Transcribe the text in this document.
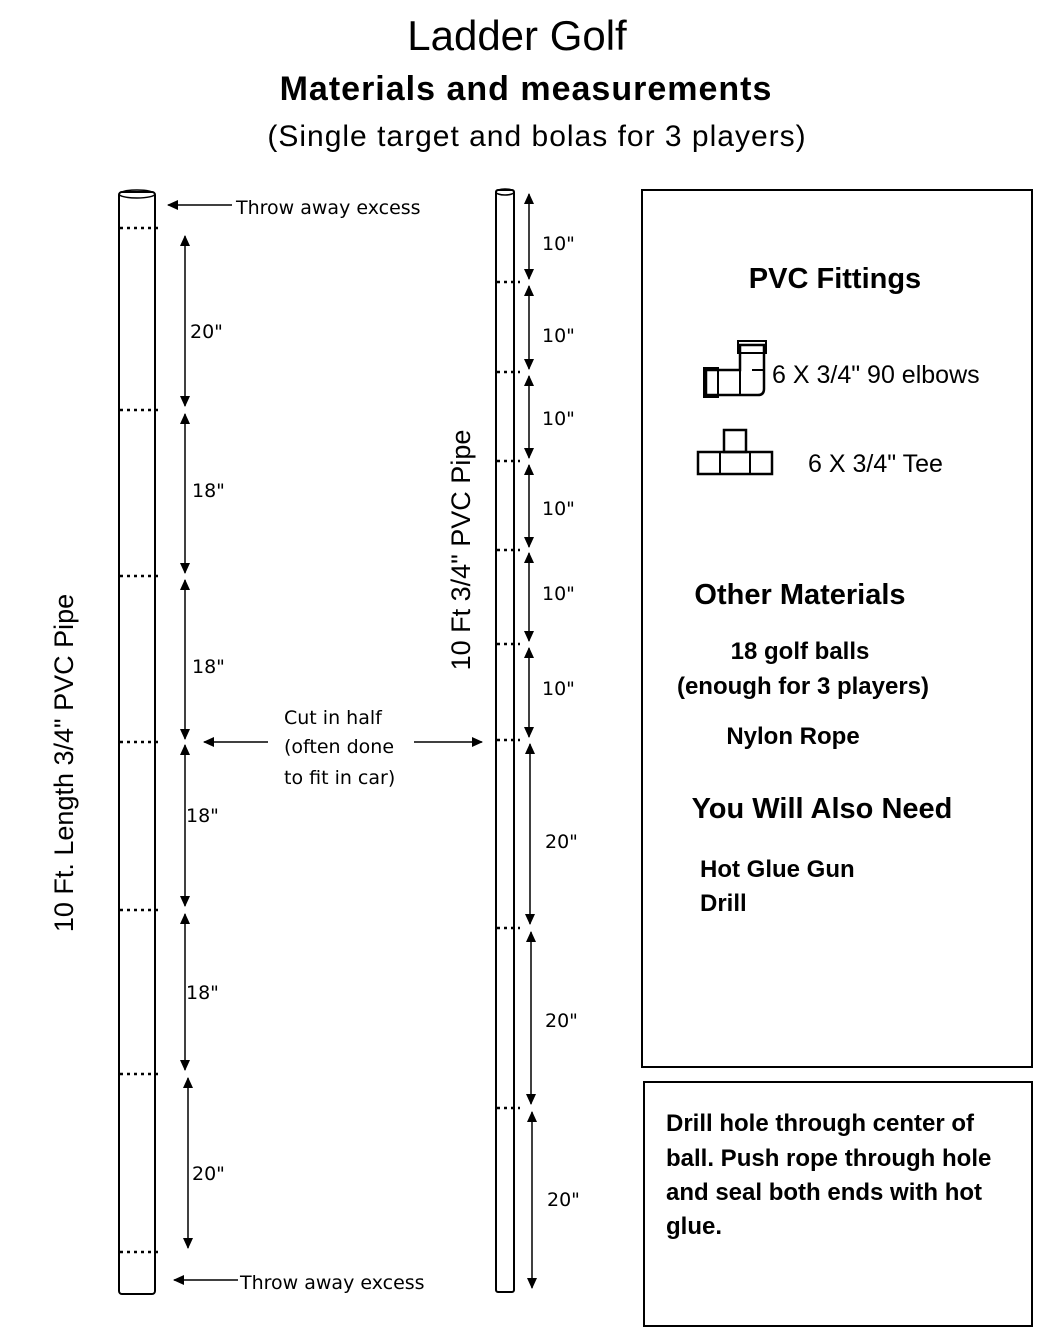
Ladder Golf
Materials and measurements
(Single target and bolas for 3 players)
10 Ft. Length 3/4" PVC Pipe
20"
18"
18"
18"
18"
20"
Throw away excess
Throw away excess
Cut in half
(often done
to fit in car)
10 Ft 3/4" PVC Pipe
10"
10"
10"
10"
10"
10"
20"
20"
20"
PVC Fittings
6 X 3/4" 90 elbows
6 X 3/4" Tee
Other Materials
18 golf balls
(enough for 3 players)
Nylon Rope
You Will Also Need
Hot Glue Gun
Drill
Drill hole through center of
ball. Push rope through hole
and seal both ends with hot
glue.
